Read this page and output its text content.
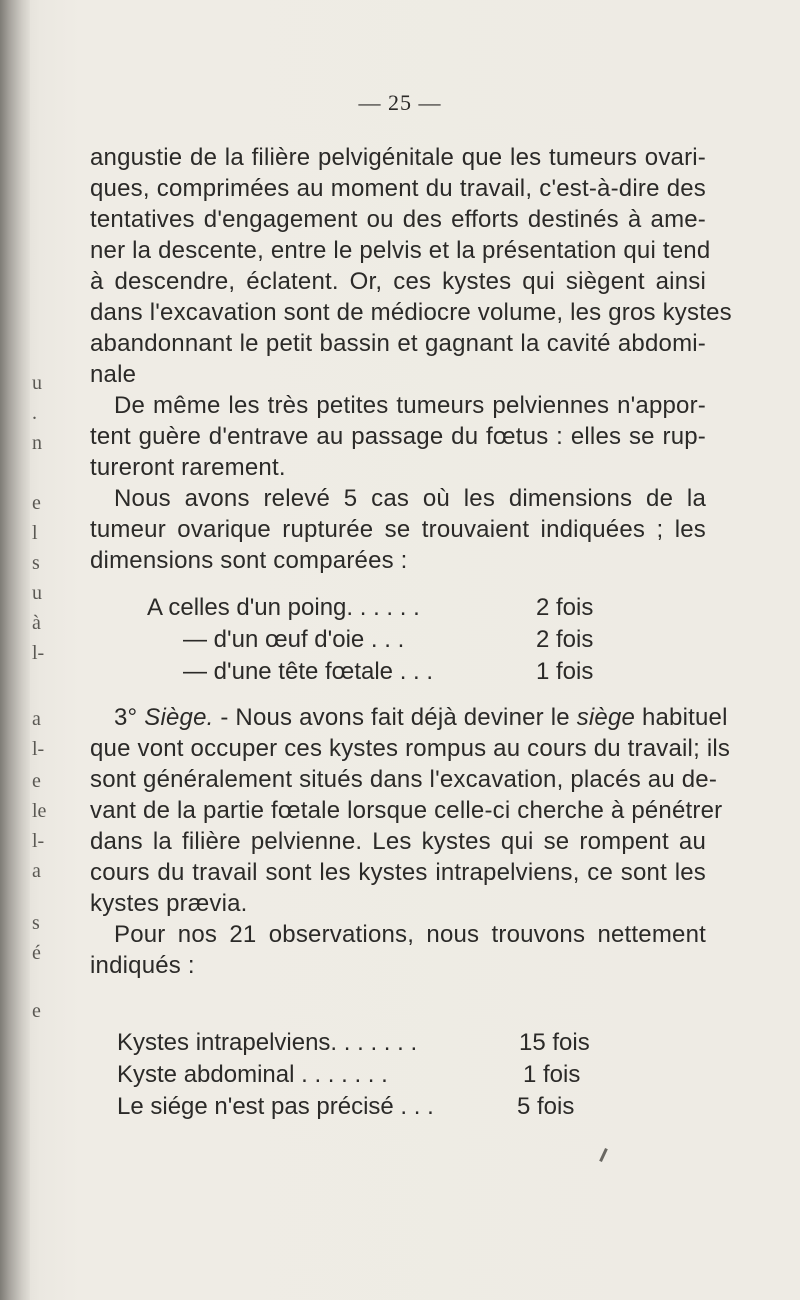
u
.
n
e
l
s
u
à
l-
a
l-
e
le
l-
a
s
é
e
— 25 —
angustie de la filière pelvigénitale que les tumeurs ovari-
ques, comprimées au moment du travail, c'est-à-dire des
tentatives d'engagement ou des efforts destinés à ame-
ner la descente, entre le pelvis et la présentation qui tend
à descendre, éclatent. Or, ces kystes qui siègent ainsi
dans l'excavation sont de médiocre volume, les gros kystes
abandonnant le petit bassin et gagnant la cavité abdomi-
nale
De même les très petites tumeurs pelviennes n'appor-
tent guère d'entrave au passage du fœtus : elles se rup-
tureront rarement.
Nous avons relevé 5 cas où les dimensions de la
tumeur ovarique rupturée se trouvaient indiquées ; les
dimensions sont comparées :
A celles d'un poing. . . . . .	2 fois
— d'un œuf d'oie . . .	2 fois
— d'une tête fœtale . . .	1 fois
3° Siège. - Nous avons fait déjà deviner le siège habituel
que vont occuper ces kystes rompus au cours du travail; ils
sont généralement situés dans l'excavation, placés au de-
vant de la partie fœtale lorsque celle-ci cherche à pénétrer
dans la filière pelvienne. Les kystes qui se rompent au
cours du travail sont les kystes intrapelviens, ce sont les
kystes prævia.
Pour nos 21 observations, nous trouvons nettement
indiqués :
Kystes intrapelviens. . . . . . .	15 fois
Kyste abdominal . . . . . . .	1 fois
Le siége n'est pas précisé . . .	5 fois
